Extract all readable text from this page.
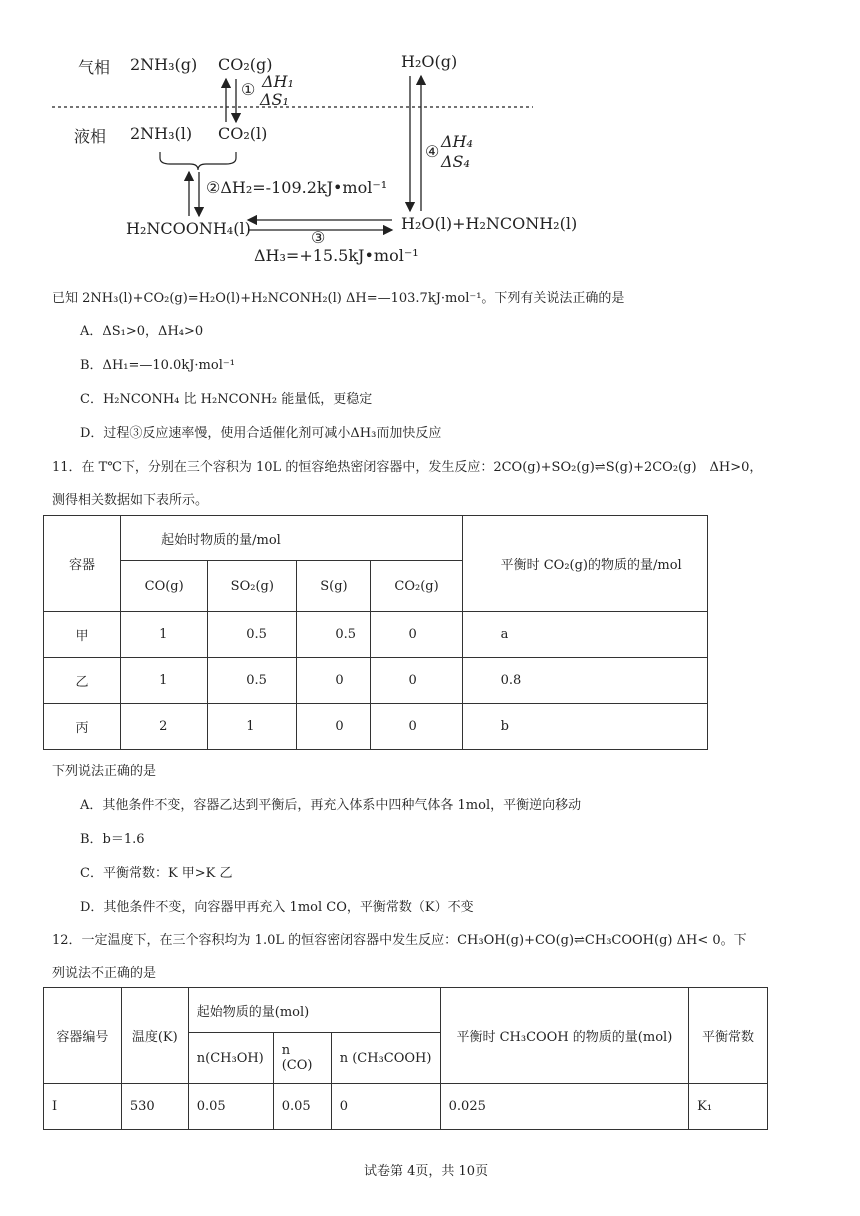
气相 2NH₃(g) CO₂(g)	H₂O(g)
① ΔH₁
ΔS₁
液相 2NH₃(l) CO₂(l)
④
ΔH₄
ΔS₄
②ΔH₂=-109.2kJ•mol⁻¹
H₂NCOONH₄(l)	H₂O(l)+H₂NCONH₂(l)
③
ΔH₃=+15.5kJ•mol⁻¹
已知 2NH₃(l)+CO₂(g)=H₂O(l)+H₂NCONH₂(l) ΔH=—103.7kJ·mol⁻¹。下列有关说法正确的是
A．ΔS₁>0，ΔH₄>0
B．ΔH₁=—10.0kJ·mol⁻¹
C．H₂NCONH₄ 比 H₂NCONH₂ 能量低，更稳定
D．过程③反应速率慢，使用合适催化剂可减小ΔH₃而加快反应
11．在 T℃下，分别在三个容积为 10L 的恒容绝热密闭容器中，发生反应：2CO(g)+SO₂(g)⇌S(g)+2CO₂(g)　ΔH>0，
测得相关数据如下表所示。
容器	起始时物质的量/mol				平衡时 CO₂(g)的物质的量/mol
	CO(g)	SO₂(g)	S(g)	CO₂(g)	
甲	1	0.5	0.5	0	a
乙	1	0.5	0	0	0.8
丙	2	1	0	0	b
下列说法正确的是
A．其他条件不变，容器乙达到平衡后，再充入体系中四种气体各 1mol，平衡逆向移动
B．b＝1.6
C．平衡常数：K 甲>K 乙
D．其他条件不变，向容器甲再充入 1mol CO，平衡常数（K）不变
12．一定温度下，在三个容积均为 1.0L 的恒容密闭容器中发生反应：CH₃OH(g)+CO(g)⇌CH₃COOH(g) ΔH< 0。下
列说法不正确的是
容器编号	温度(K)	起始物质的量(mol)			平衡时 CH₃COOH 的物质的量(mol)	平衡常数
		n(CH₃OH)	n (CO)	n (CH₃COOH)		
Ⅰ	530	0.05	0.05	0	0.025	K₁
试卷第 4页，共 10页
